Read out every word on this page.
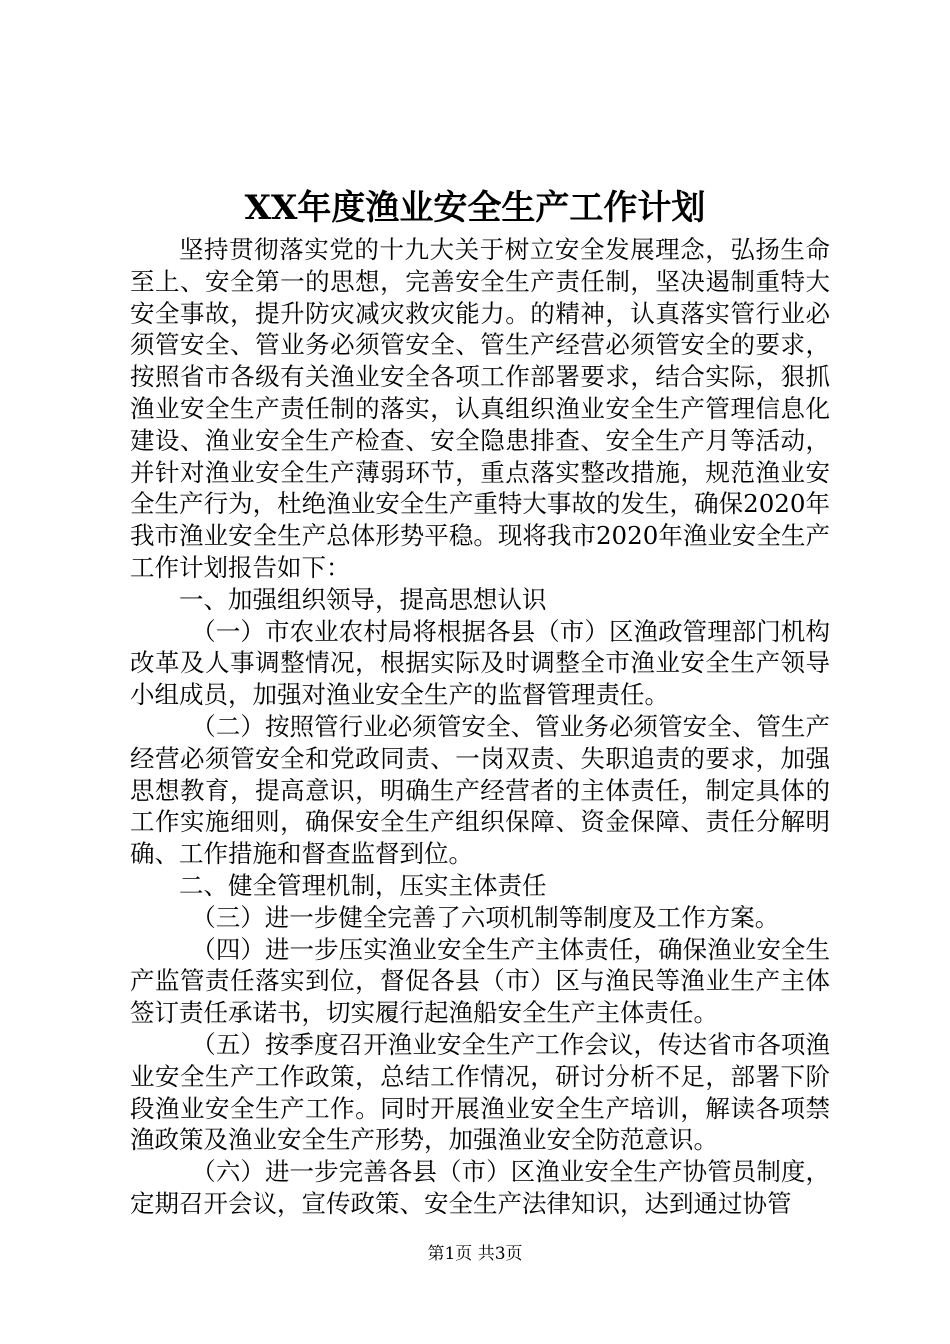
XX年度渔业安全生产工作计划

坚持贯彻落实党的十九大关于树立安全发展理念，弘扬生命至上、安全第一的思想，完善安全生产责任制，坚决遏制重特大安全事故，提升防灾减灾救灾能力。的精神，认真落实管行业必须管安全、管业务必须管安全、管生产经营必须管安全的要求，按照省市各级有关渔业安全各项工作部署要求，结合实际，狠抓渔业安全生产责任制的落实，认真组织渔业安全生产管理信息化建设、渔业安全生产检查、安全隐患排查、安全生产月等活动，并针对渔业安全生产薄弱环节，重点落实整改措施，规范渔业安全生产行为，杜绝渔业安全生产重特大事故的发生，确保2020年我市渔业安全生产总体形势平稳。现将我市2020年渔业安全生产工作计划报告如下：

一、加强组织领导，提高思想认识

（一）市农业农村局将根据各县（市）区渔政管理部门机构改革及人事调整情况，根据实际及时调整全市渔业安全生产领导小组成员，加强对渔业安全生产的监督管理责任。

（二）按照管行业必须管安全、管业务必须管安全、管生产经营必须管安全和党政同责、一岗双责、失职追责的要求，加强思想教育，提高意识，明确生产经营者的主体责任，制定具体的工作实施细则，确保安全生产组织保障、资金保障、责任分解明确、工作措施和督查监督到位。

二、健全管理机制，压实主体责任

（三）进一步健全完善了六项机制等制度及工作方案。

（四）进一步压实渔业安全生产主体责任，确保渔业安全生产监管责任落实到位，督促各县（市）区与渔民等渔业生产主体签订责任承诺书，切实履行起渔船安全生产主体责任。

（五）按季度召开渔业安全生产工作会议，传达省市各项渔业安全生产工作政策，总结工作情况，研讨分析不足，部署下阶段渔业安全生产工作。同时开展渔业安全生产培训，解读各项禁渔政策及渔业安全生产形势，加强渔业安全防范意识。

（六）进一步完善各县（市）区渔业安全生产协管员制度，定期召开会议，宣传政策、安全生产法律知识，达到通过协管

第1页 共3页
